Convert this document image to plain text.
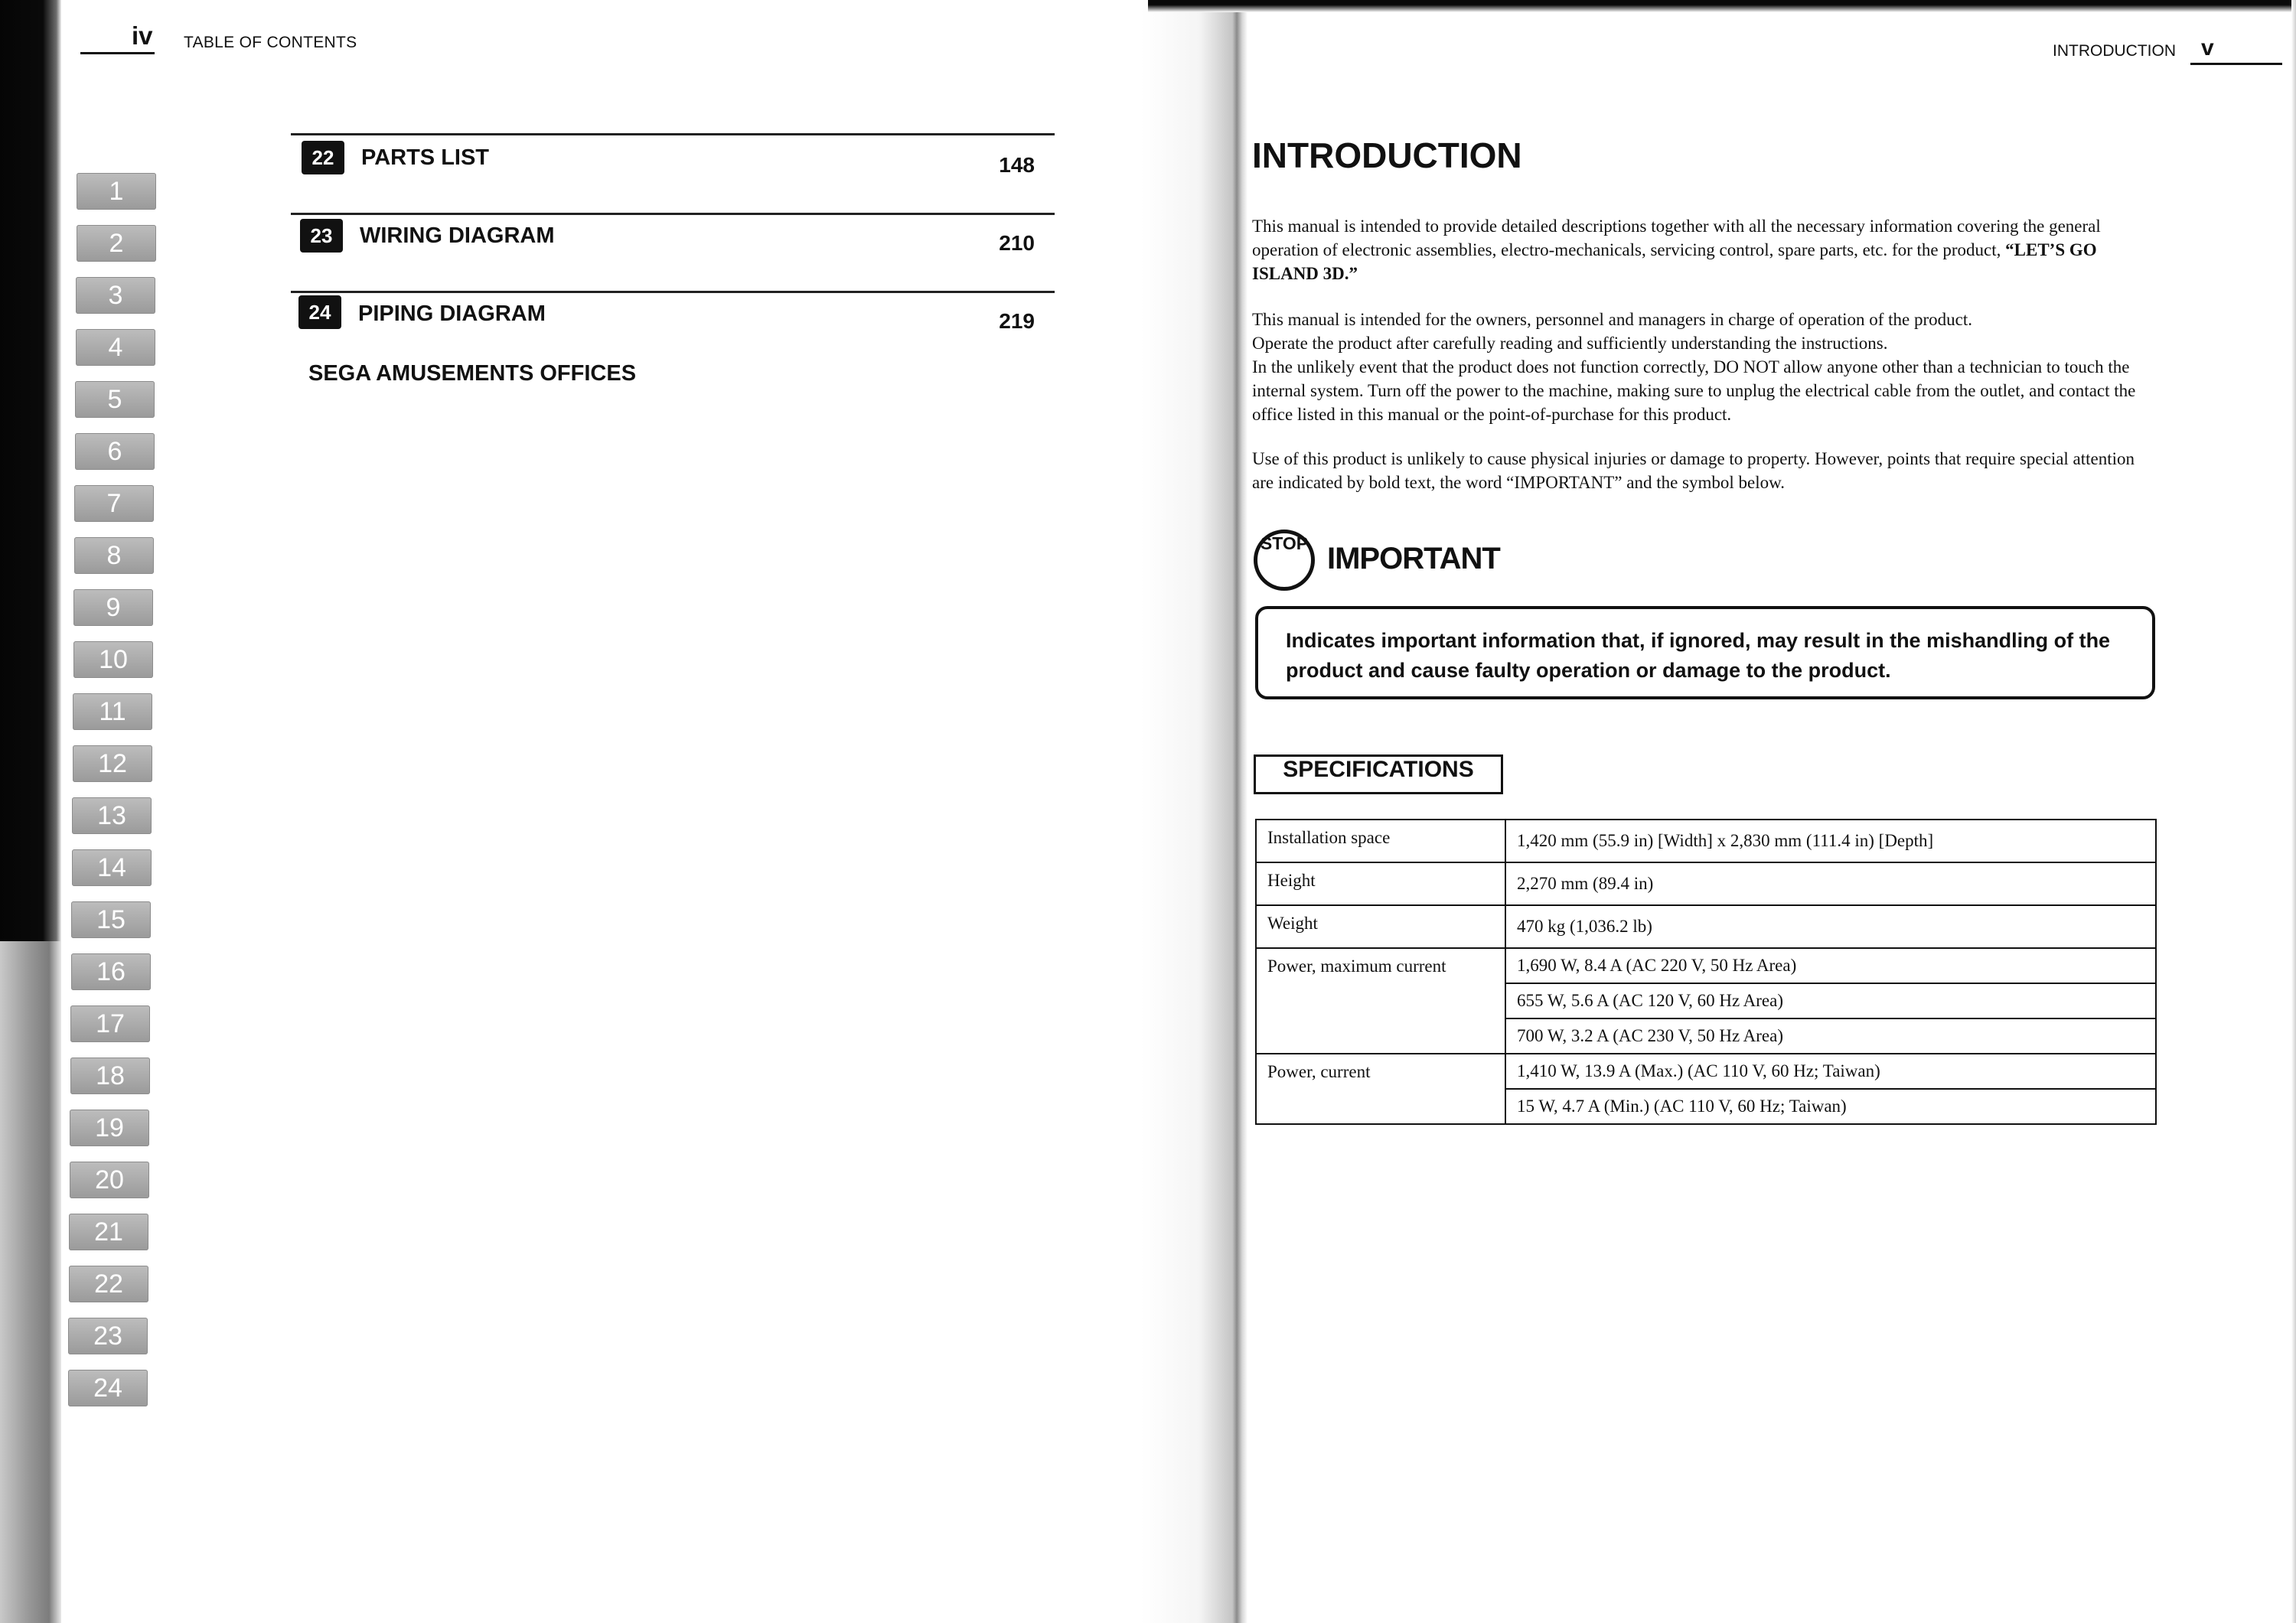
iv TABLE OF CONTENTS
1
2
3
4
5
6
7
8
9
10
11
12
13
14
15
16
17
18
19
20
21
22
23
24
22	PARTS LIST	148
23	WIRING DIAGRAM	210
24	PIPING DIAGRAM	219
SEGA AMUSEMENTS OFFICES
INTRODUCTION v
INTRODUCTION
This manual is intended to provide detailed descriptions together with all the necessary information covering the general operation of electronic assemblies, electro-mechanicals, servicing control, spare parts, etc. for the product, “LET’S GO ISLAND 3D.”
This manual is intended for the owners, personnel and managers in charge of operation of the product.
Operate the product after carefully reading and sufficiently understanding the instructions.
In the unlikely event that the product does not function correctly, DO NOT allow anyone other than a technician to touch the internal system. Turn off the power to the machine, making sure to unplug the electrical cable from the outlet, and contact the office listed in this manual or the point-of-purchase for this product.
Use of this product is unlikely to cause physical injuries or damage to property. However, points that require special attention are indicated by bold text, the word “IMPORTANT” and the symbol below.
STOP IMPORTANT
Indicates important information that, if ignored, may result in the mishandling of the product and cause faulty operation or damage to the product.
SPECIFICATIONS
Installation space	1,420 mm (55.9 in) [Width] x 2,830 mm (111.4 in) [Depth]
Height	2,270 mm (89.4 in)
Weight	470 kg (1,036.2 lb)
Power, maximum current	1,690 W, 8.4 A (AC 220 V, 50 Hz Area)
	655 W, 5.6 A (AC 120 V, 60 Hz Area)
	700 W, 3.2 A (AC 230 V, 50 Hz Area)
Power, current	1,410 W, 13.9 A (Max.) (AC 110 V, 60 Hz; Taiwan)
	15 W, 4.7 A (Min.) (AC 110 V, 60 Hz; Taiwan)
